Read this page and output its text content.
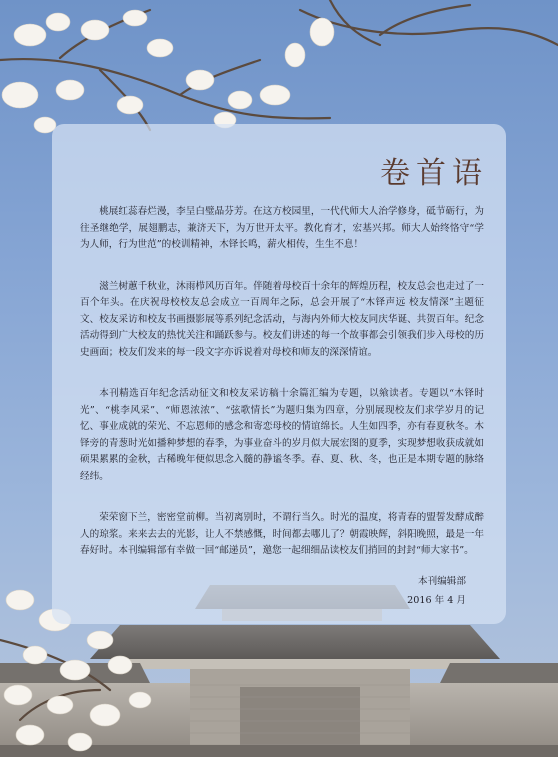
卷首语

桃展红蕊春烂漫，李呈白璧晶芬芳。在这方校园里，一代代师大人治学修身，砥节砺行，为往圣继绝学，展翅鹏志，兼济天下，为万世开太平。教化育才，宏基兴邦。师大人始终恪守“学为人师，行为世范”的校训精神，木铎长鸣，薪火相传，生生不息！

滋兰树蕙千秋业，沐雨栉风历百年。伴随着母校百十余年的辉煌历程，校友总会也走过了一百个年头。在庆祝母校校友总会成立一百周年之际，总会开展了“木铎声远 校友情深”主题征文、校友采访和校友书画摄影展等系列纪念活动，与海内外师大校友同庆华诞、共贺百年。纪念活动得到广大校友的热忱关注和踊跃参与。校友们讲述的每一个故事都会引领我们步入母校的历史画面；校友们发来的每一段文字亦诉说着对母校和师友的深深情谊。

本刊精选百年纪念活动征文和校友采访稿十余篇汇编为专题，以飨读者。专题以“木铎时光”、“桃李风采”、“师恩浓浓”、“弦歌情长”为题归集为四章，分别展现校友们求学岁月的记忆、事业成就的荣光、不忘恩师的感念和寄恋母校的情谊绵长。人生如四季，亦有春夏秋冬。木铎旁的青葱时光如播种梦想的春季，为事业奋斗的岁月似大展宏图的夏季，实现梦想收获成就如硕果累累的金秋，古稀晚年便似思念入髓的静谧冬季。春、夏、秋、冬，也正是本期专题的脉络经纬。

荣荣窗下兰，密密堂前柳。当初离别时，不谓行当久。时光的温度，将青春的盟誓发酵成醉人的琼浆。来来去去的光影，让人不禁感慨，时间都去哪儿了？朝霞映辉，斜阳晚照，最是一年春好时。本刊编辑部有幸做一回“邮递员”，邀您一起细细品读校友们捎回的封封“师大家书”。

本刊编辑部
2016 年 4 月
